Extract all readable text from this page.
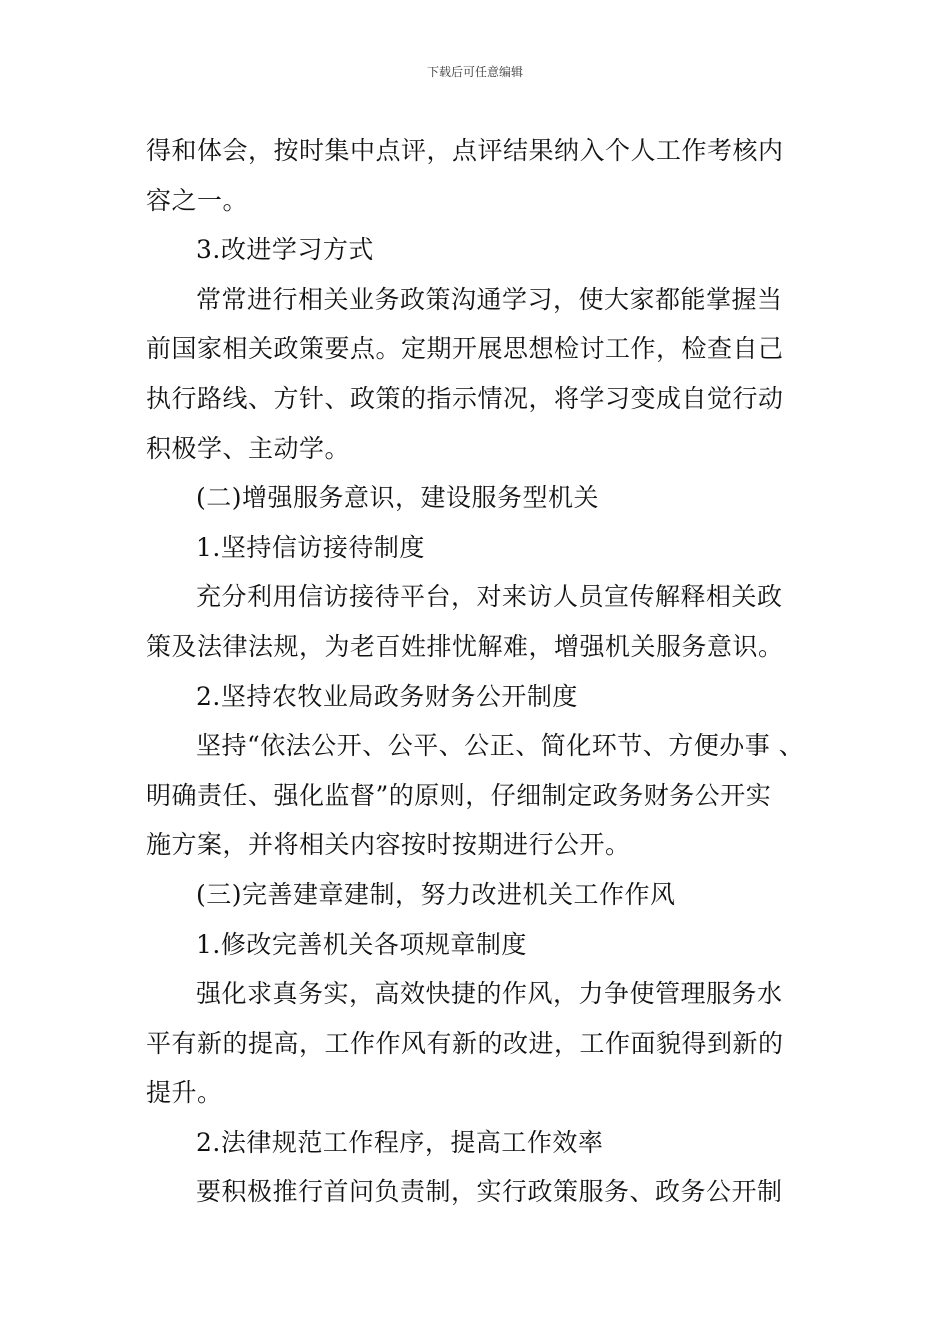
下载后可任意编辑
得和体会，按时集中点评，点评结果纳入个人工作考核内
容之一。
3.改进学习方式
常常进行相关业务政策沟通学习，使大家都能掌握当
前国家相关政策要点。定期开展思想检讨工作，检查自己
执行路线、方针、政策的指示情况，将学习变成自觉行动
积极学、主动学。
(二)增强服务意识，建设服务型机关
1.坚持信访接待制度
充分利用信访接待平台，对来访人员宣传解释相关政
策及法律法规，为老百姓排忧解难，增强机关服务意识。
2.坚持农牧业局政务财务公开制度
坚持“依法公开、公平、公正、简化环节、方便办事 、
明确责任、强化监督”的原则，仔细制定政务财务公开实
施方案，并将相关内容按时按期进行公开。
(三)完善建章建制，努力改进机关工作作风
1.修改完善机关各项规章制度
强化求真务实，高效快捷的作风，力争使管理服务水
平有新的提高，工作作风有新的改进，工作面貌得到新的
提升。
2.法律规范工作程序，提高工作效率
要积极推行首问负责制，实行政策服务、政务公开制
